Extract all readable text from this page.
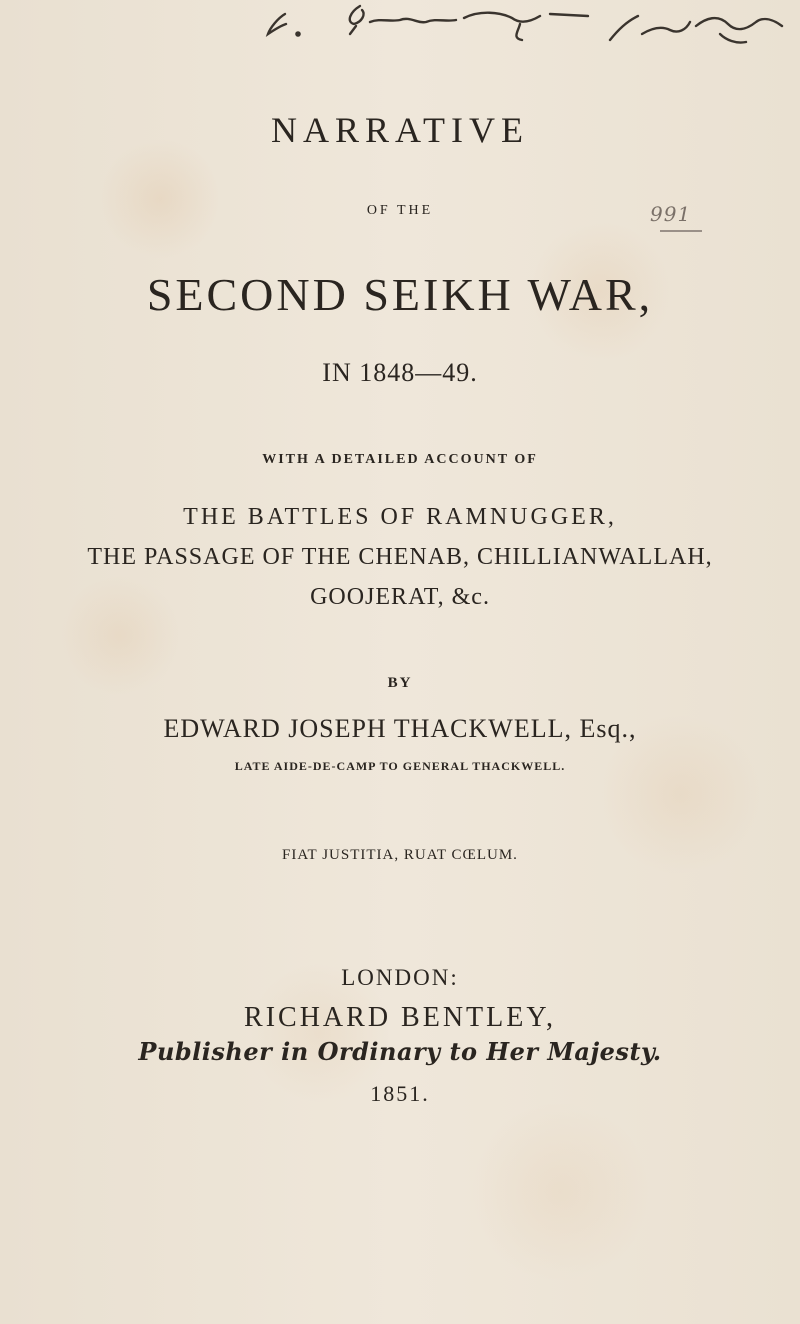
991
NARRATIVE
OF THE
SECOND SEIKH WAR,
IN 1848—49.
WITH A DETAILED ACCOUNT OF
THE BATTLES OF RAMNUGGER,
THE PASSAGE OF THE CHENAB, CHILLIANWALLAH,
GOOJERAT, &c.
BY
EDWARD JOSEPH THACKWELL, Esq.,
LATE AIDE-DE-CAMP TO GENERAL THACKWELL.
FIAT JUSTITIA, RUAT CŒLUM.
LONDON:
RICHARD BENTLEY,
Publisher in Ordinary to Her Majesty.
1851.
